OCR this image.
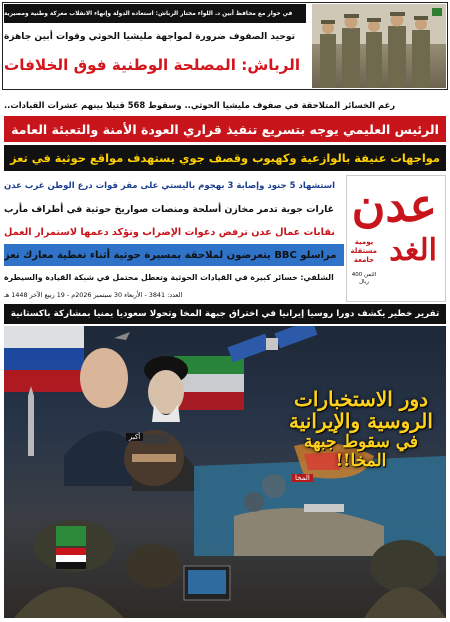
في حوار مع محافظ أبين د. اللواء مختار الرباش: استعادة الدولة وإنهاء الانقلاب معركة وطنية ومصيرية
توحيد الصفوف ضرورة لمواجهة مليشيا الحوثي وقوات أبين جاهزة
الرباش: المصلحة الوطنية فوق الخلافات
رغم الخسائر المتلاحقة في صفوف مليشيا الحوثي.. وسقوط 568 قتيلا بينهم عشرات القيادات..
الرئيس العليمي يوجه بتسريع تنفيذ قراري العودة الأمنة والتعبئة العامة
مواجهات عنيفة بالوازعية وكهبوب وقصف جوي يستهدف مواقع حوثية في تعز
استشهاد 5 جنود وإصابة 3 بهجوم باليستي على مقر قوات درع الوطن غرب عدن
غارات جوية تدمر مخازن أسلحة ومنصات صواريخ حوثية في أطراف مأرب
نقابات عمال عدن ترفض دعوات الإضراب وتؤكد دعمها لاستمرار العمل
مراسلو BBC يتعرضون لملاحقة بمسيرة حوثية أثناء تغطية معارك تعز
الشلفي: خسائر كبيرة في القيادات الحوثية وتعطل محتمل في شبكة القيادة والسيطرة
العدد: 3841 - الأربعاء 30 سبتمبر 2026م - 19 ربيع الآخر 1448 هـ
عدن
الغد
يومية مستقلة جامعة
الثمن 400 ريال
تقرير خطير يكشف دورا روسيا إيرانيا في اختراق جبهة المخا وتحولا سعوديا يمنيا بمشاركة باكستانية
دور الاستخبارات
الروسية والإيرانية
في سقوط جبهة المخا!!
المخا
أكبر
